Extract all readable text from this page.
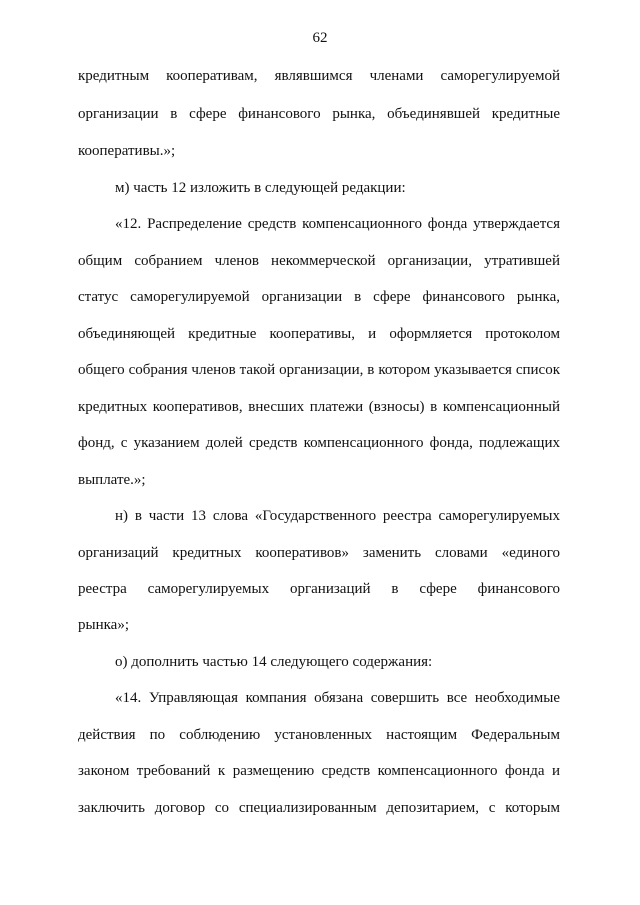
62
кредитным кооперативам, являвшимся членами саморегулируемой
организации в сфере финансового рынка, объединявшей кредитные
кооперативы.»;
м) часть 12 изложить в следующей редакции:
«12. Распределение средств компенсационного фонда утверждается
общим собранием членов некоммерческой организации, утратившей
статус саморегулируемой организации в сфере финансового рынка,
объединяющей кредитные кооперативы, и оформляется протоколом
общего собрания членов такой организации, в котором указывается список
кредитных кооперативов, внесших платежи (взносы) в компенсационный
фонд, с указанием долей средств компенсационного фонда, подлежащих
выплате.»;
н) в части 13 слова «Государственного реестра саморегулируемых
организаций кредитных кооперативов» заменить словами «единого
реестра саморегулируемых организаций в сфере финансового
рынка»;
о) дополнить частью 14 следующего содержания:
«14. Управляющая компания обязана совершить все необходимые
действия по соблюдению установленных настоящим Федеральным
законом требований к размещению средств компенсационного фонда и
заключить договор со специализированным депозитарием, с которым
